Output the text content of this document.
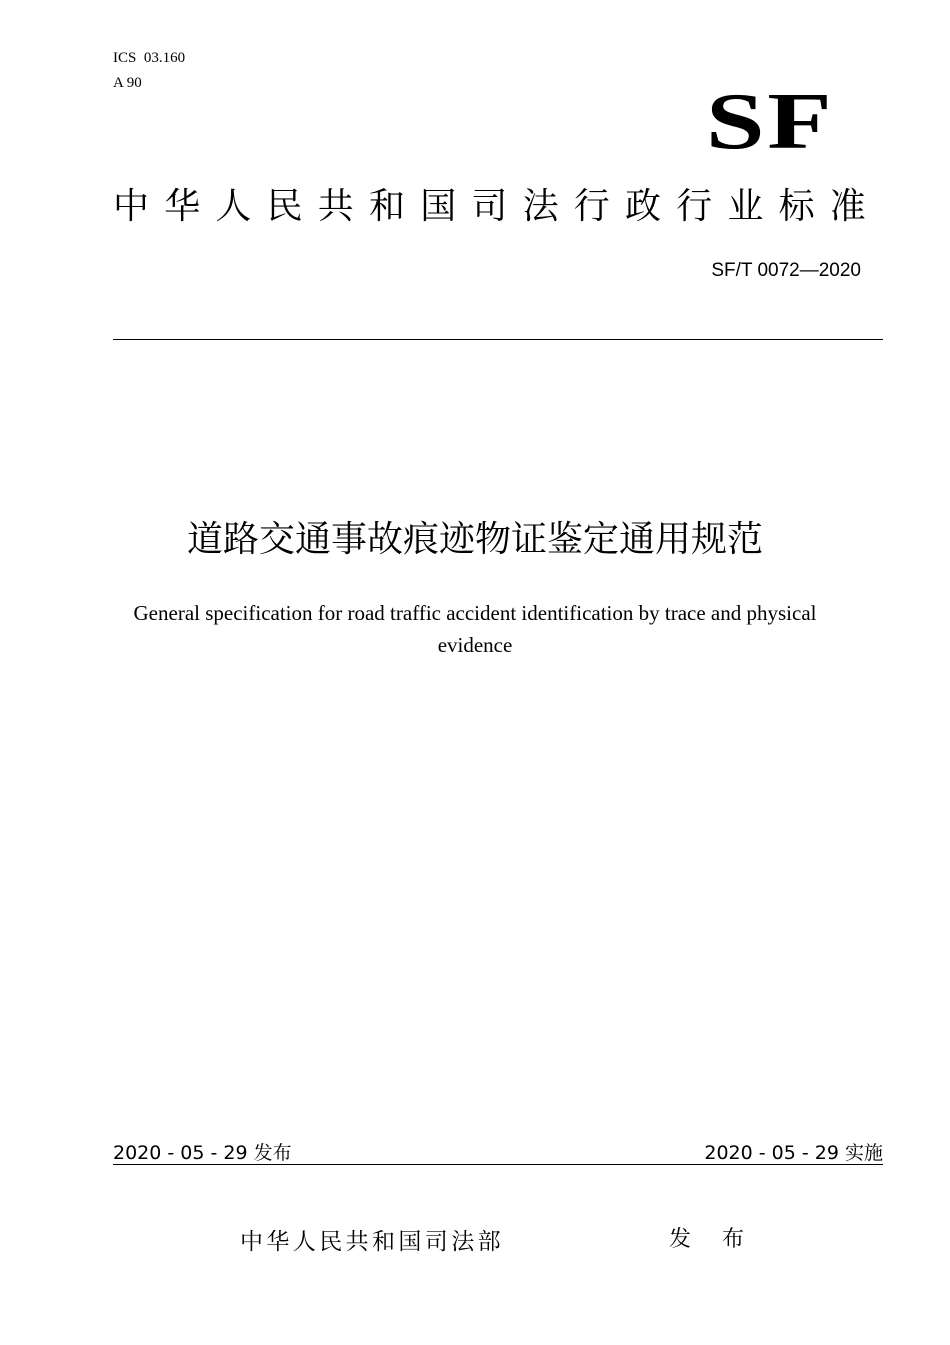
ICS  03.160
A 90	SF
中华人民共和国司法行政行业标准
SF/T 0072—2020
道路交通事故痕迹物证鉴定通用规范
General specification for road traffic accident identification by trace and physical evidence
2020 - 05 - 29 发布	2020 - 05 - 29 实施
中华人民共和国司法部	发 布
